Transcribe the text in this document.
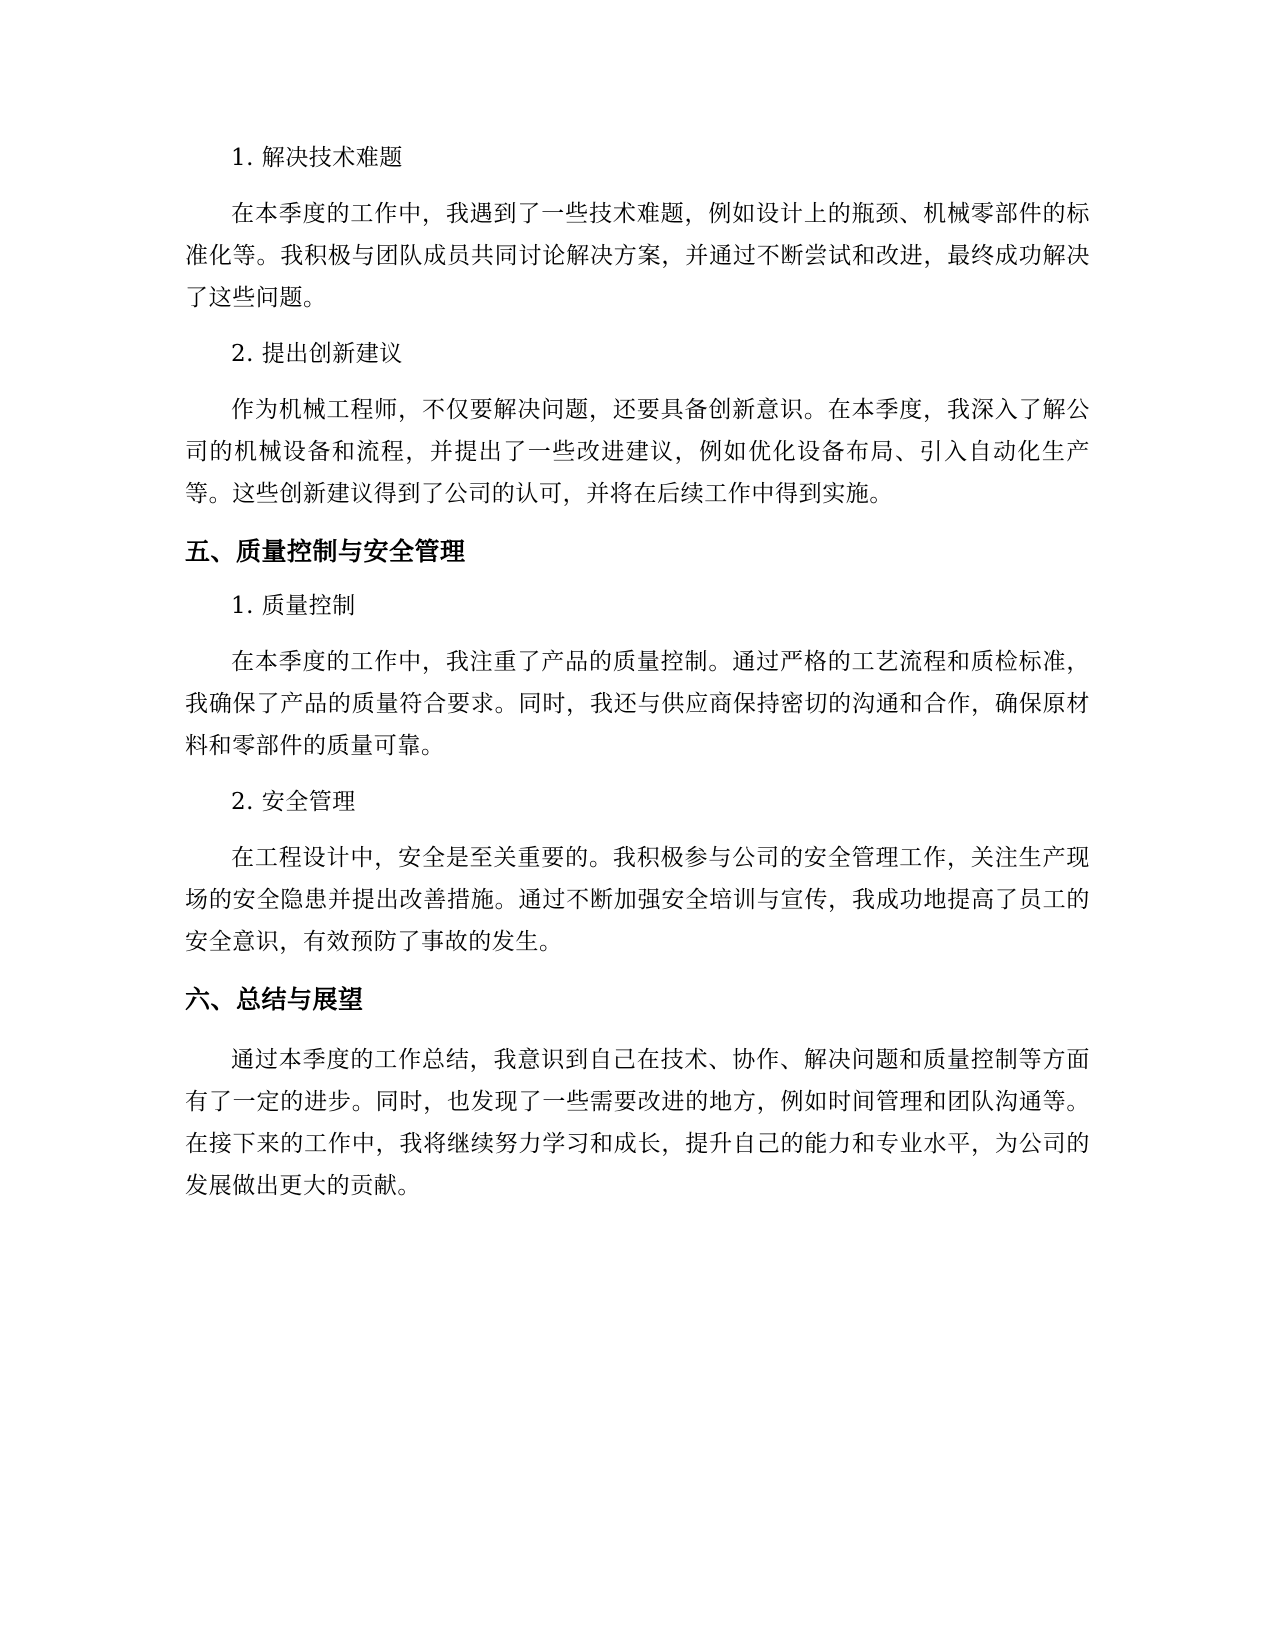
1. 解决技术难题

在本季度的工作中，我遇到了一些技术难题，例如设计上的瓶颈、机械零部件的标准化等。我积极与团队成员共同讨论解决方案，并通过不断尝试和改进，最终成功解决了这些问题。

2. 提出创新建议

作为机械工程师，不仅要解决问题，还要具备创新意识。在本季度，我深入了解公司的机械设备和流程，并提出了一些改进建议，例如优化设备布局、引入自动化生产等。这些创新建议得到了公司的认可，并将在后续工作中得到实施。

五、质量控制与安全管理

1. 质量控制

在本季度的工作中，我注重了产品的质量控制。通过严格的工艺流程和质检标准，我确保了产品的质量符合要求。同时，我还与供应商保持密切的沟通和合作，确保原材料和零部件的质量可靠。

2. 安全管理

在工程设计中，安全是至关重要的。我积极参与公司的安全管理工作，关注生产现场的安全隐患并提出改善措施。通过不断加强安全培训与宣传，我成功地提高了员工的安全意识，有效预防了事故的发生。

六、总结与展望

通过本季度的工作总结，我意识到自己在技术、协作、解决问题和质量控制等方面有了一定的进步。同时，也发现了一些需要改进的地方，例如时间管理和团队沟通等。在接下来的工作中，我将继续努力学习和成长，提升自己的能力和专业水平，为公司的发展做出更大的贡献。
